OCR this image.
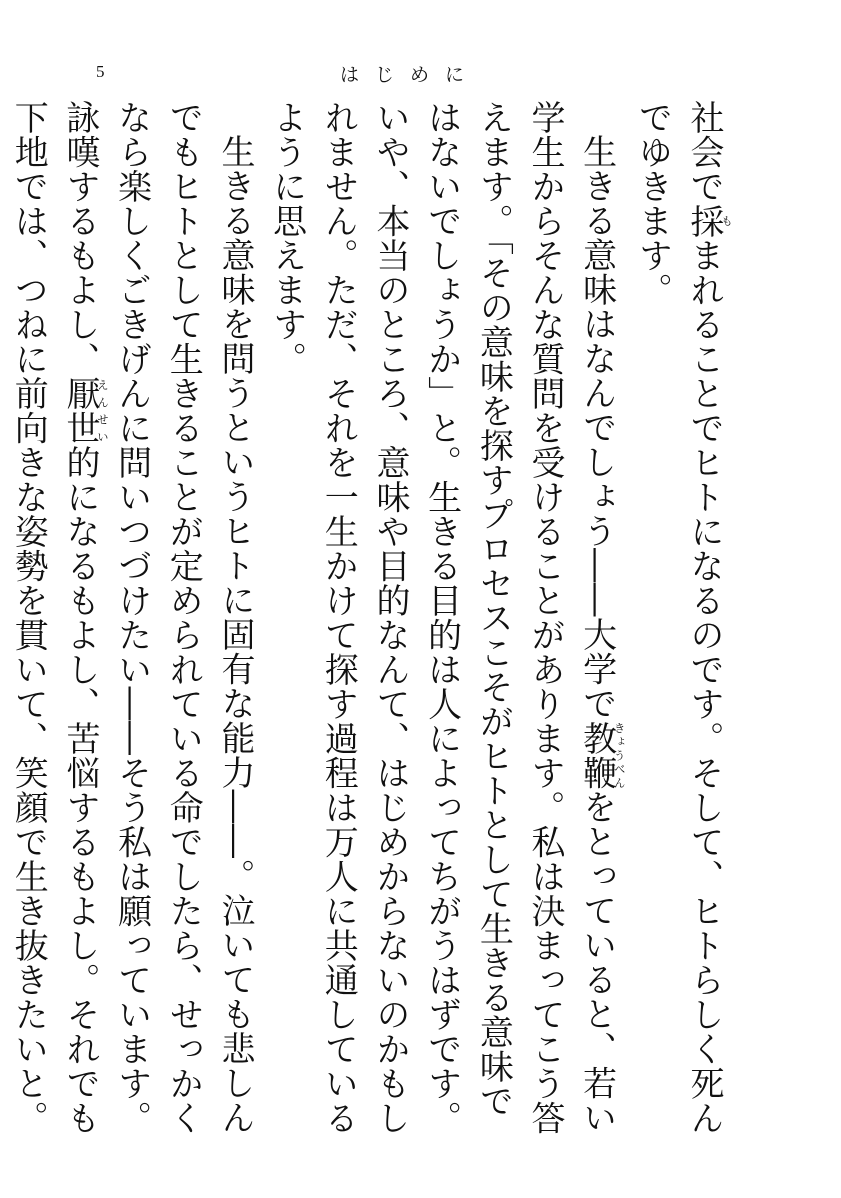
5	はじめに

社会で採もまれることでヒトになるのです。そして、ヒトらしく死んでゆきます。

生きる意味はなんでしょう――大学で教鞭きょうべんをとっていると、若い学生からそんな質問を受けることがあります。私は決まってこう答えます。「その意味を探すプロセスこそがヒトとして生きる意味ではないでしょうか」と。生きる目的は人によってちがうはずです。いや、本当のところ、意味や目的なんて、はじめからないのかもしれません。ただ、それを一生かけて探す過程は万人に共通しているように思えます。

生きる意味を問うというヒトに固有な能力――。泣いても悲しんでもヒトとして生きることが定められている命でしたら、せっかくなら楽しくごきげんに問いつづけたい――そう私は願っています。詠嘆するもよし、厭世えんせい的になるもよし、苦悩するもよし。それでも下地では、つねに前向きな姿勢を貫いて、笑顔で生き抜きたいと。
